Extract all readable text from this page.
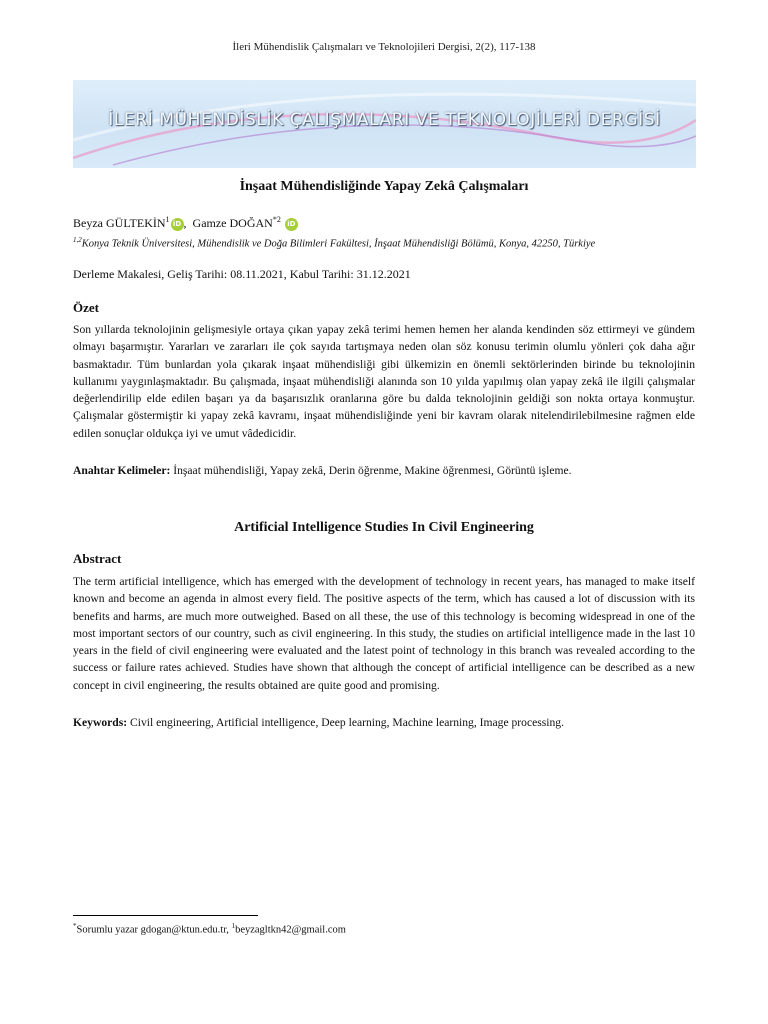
İleri Mühendislik Çalışmaları ve Teknolojileri Dergisi, 2(2), 117-138
İLERİ MÜHENDİSLİK ÇALIŞMALARI VE TEKNOLOJİLERİ DERGİSİ
İnşaat Mühendisliğinde Yapay Zekâ Çalışmaları
Beyza GÜLTEKİN$^1$ iD , Gamze DOĞAN$^{*2}$ iD
$^{1,2}$Konya Teknik Üniversitesi, Mühendislik ve Doğa Bilimleri Fakültesi, İnşaat Mühendisliği Bölümü, Konya, 42250, Türkiye
Derleme Makalesi, Geliş Tarihi: 08.11.2021, Kabul Tarihi: 31.12.2021
Özet

Son yıllarda teknolojinin gelişmesiyle ortaya çıkan yapay zekâ terimi hemen hemen her alanda kendinden söz ettirmeyi ve gündem olmayı başarmıştır. Yararları ve zararları ile çok sayıda tartışmaya neden olan söz konusu terimin olumlu yönleri çok daha ağır basmaktadır. Tüm bunlardan yola çıkarak inşaat mühendisliği gibi ülkemizin en önemli sektörlerinden birinde bu teknolojinin kullanımı yaygınlaşmaktadır. Bu çalışmada, inşaat mühendisliği alanında son 10 yılda yapılmış olan yapay zekâ ile ilgili çalışmalar değerlendirilip elde edilen başarı ya da başarısızlık oranlarına göre bu dalda teknolojinin geldiği son nokta ortaya konmuştur. Çalışmalar göstermiştir ki yapay zekâ kavramı, inşaat mühendisliğinde yeni bir kavram olarak nitelendirilebilmesine rağmen elde edilen sonuçlar oldukça iyi ve umut vâdedicidir.

Anahtar Kelimeler: İnşaat mühendisliği, Yapay zekâ, Derin öğrenme, Makine öğrenmesi, Görüntü işleme.
Artificial Intelligence Studies In Civil Engineering
Abstract

The term artificial intelligence, which has emerged with the development of technology in recent years, has managed to make itself known and become an agenda in almost every field. The positive aspects of the term, which has caused a lot of discussion with its benefits and harms, are much more outweighed. Based on all these, the use of this technology is becoming widespread in one of the most important sectors of our country, such as civil engineering. In this study, the studies on artificial intelligence made in the last 10 years in the field of civil engineering were evaluated and the latest point of technology in this branch was revealed according to the success or failure rates achieved. Studies have shown that although the concept of artificial intelligence can be described as a new concept in civil engineering, the results obtained are quite good and promising.

Keywords: Civil engineering, Artificial intelligence, Deep learning, Machine learning, Image processing.
*Sorumlu yazar gdogan@ktun.edu.tr, $^1$beyzagltkn42@gmail.com
